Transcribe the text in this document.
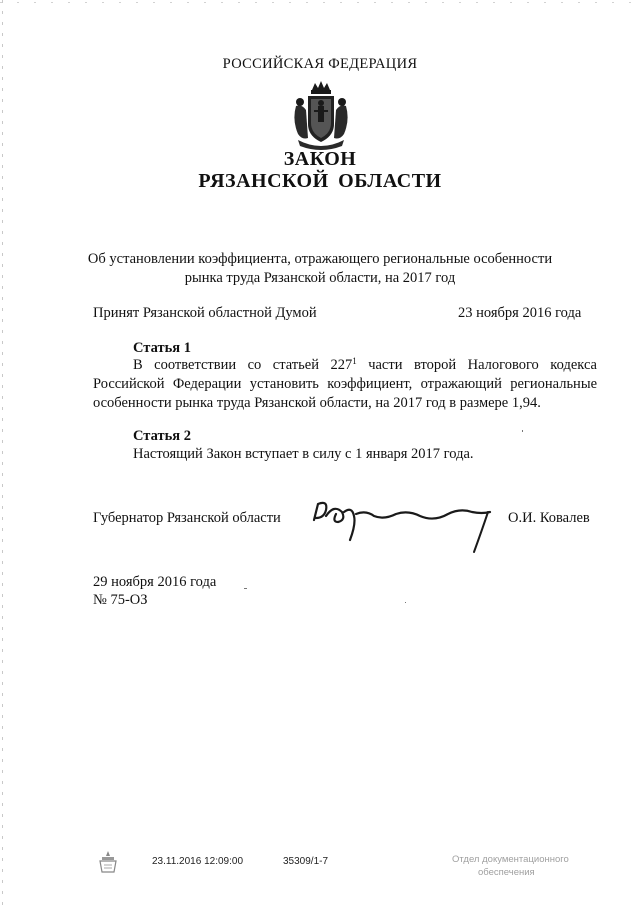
РОССИЙСКАЯ ФЕДЕРАЦИЯ

ЗАКОН

РЯЗАНСКОЙ ОБЛАСТИ

Об установлении коэффициента, отражающего региональные особенности

рынка труда Рязанской области, на 2017 год

Принят Рязанской областной Думой	23 ноября 2016 года

Статья 1

В соответствии со статьей $227^1$ части второй Налогового кодекса

Российской Федерации установить коэффициент, отражающий региональные

особенности рынка труда Рязанской области, на 2017 год в размере 1,94.

Статья 2

Настоящий Закон вступает в силу с 1 января 2017 года.

Губернатор Рязанской области	О.И. Ковалев

29 ноября 2016 года

№ 75-ОЗ

23.11.2016 12:09:00	35309/1-7	Отдел документационного

обеспечения
